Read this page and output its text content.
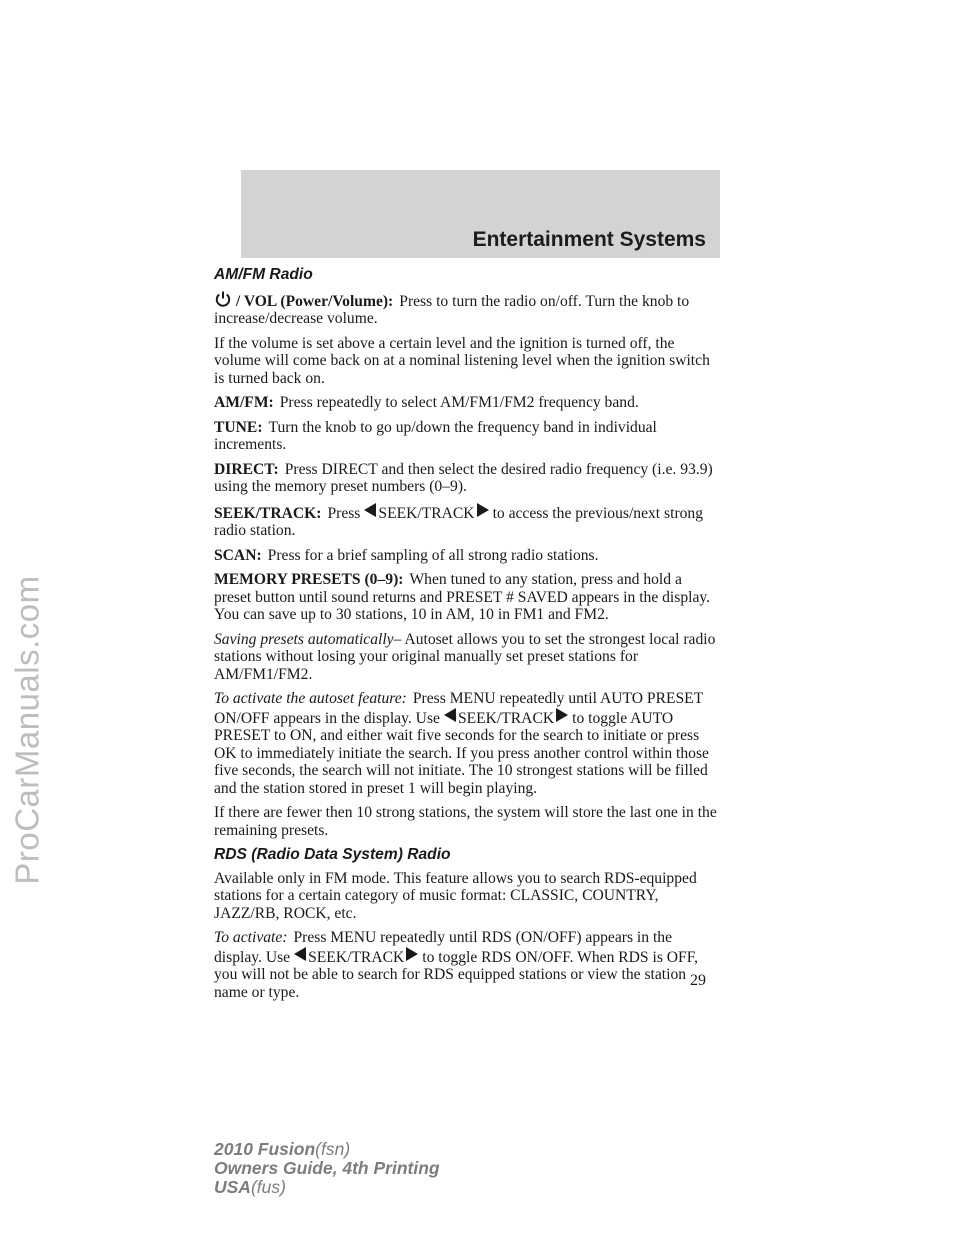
ProCarManuals.com
Entertainment Systems
AM/FM Radio

/ VOL (Power/Volume): Press to turn the radio on/off. Turn the knob to increase/decrease volume.

If the volume is set above a certain level and the ignition is turned off, the volume will come back on at a nominal listening level when the ignition switch is turned back on.

AM/FM: Press repeatedly to select AM/FM1/FM2 frequency band.

TUNE: Turn the knob to go up/down the frequency band in individual increments.

DIRECT: Press DIRECT and then select the desired radio frequency (i.e. 93.9) using the memory preset numbers (0–9).

SEEK/TRACK: Press SEEK/TRACK to access the previous/next strong radio station.

SCAN: Press for a brief sampling of all strong radio stations.

MEMORY PRESETS (0–9): When tuned to any station, press and hold a preset button until sound returns and PRESET # SAVED appears in the display. You can save up to 30 stations, 10 in AM, 10 in FM1 and FM2.

Saving presets automatically– Autoset allows you to set the strongest local radio stations without losing your original manually set preset stations for AM/FM1/FM2.

To activate the autoset feature: Press MENU repeatedly until AUTO PRESET ON/OFF appears in the display. Use SEEK/TRACK to toggle AUTO PRESET to ON, and either wait five seconds for the search to initiate or press OK to immediately initiate the search. If you press another control within those five seconds, the search will not initiate. The 10 strongest stations will be filled and the station stored in preset 1 will begin playing.

If there are fewer then 10 strong stations, the system will store the last one in the remaining presets.

RDS (Radio Data System) Radio

Available only in FM mode. This feature allows you to search RDS-equipped stations for a certain category of music format: CLASSIC, COUNTRY, JAZZ/RB, ROCK, etc.

To activate: Press MENU repeatedly until RDS (ON/OFF) appears in the display. Use SEEK/TRACK to toggle RDS ON/OFF. When RDS is OFF, you will not be able to search for RDS equipped stations or view the station name or type.

29
2010 Fusion(fsn)
Owners Guide, 4th Printing
USA(fus)
